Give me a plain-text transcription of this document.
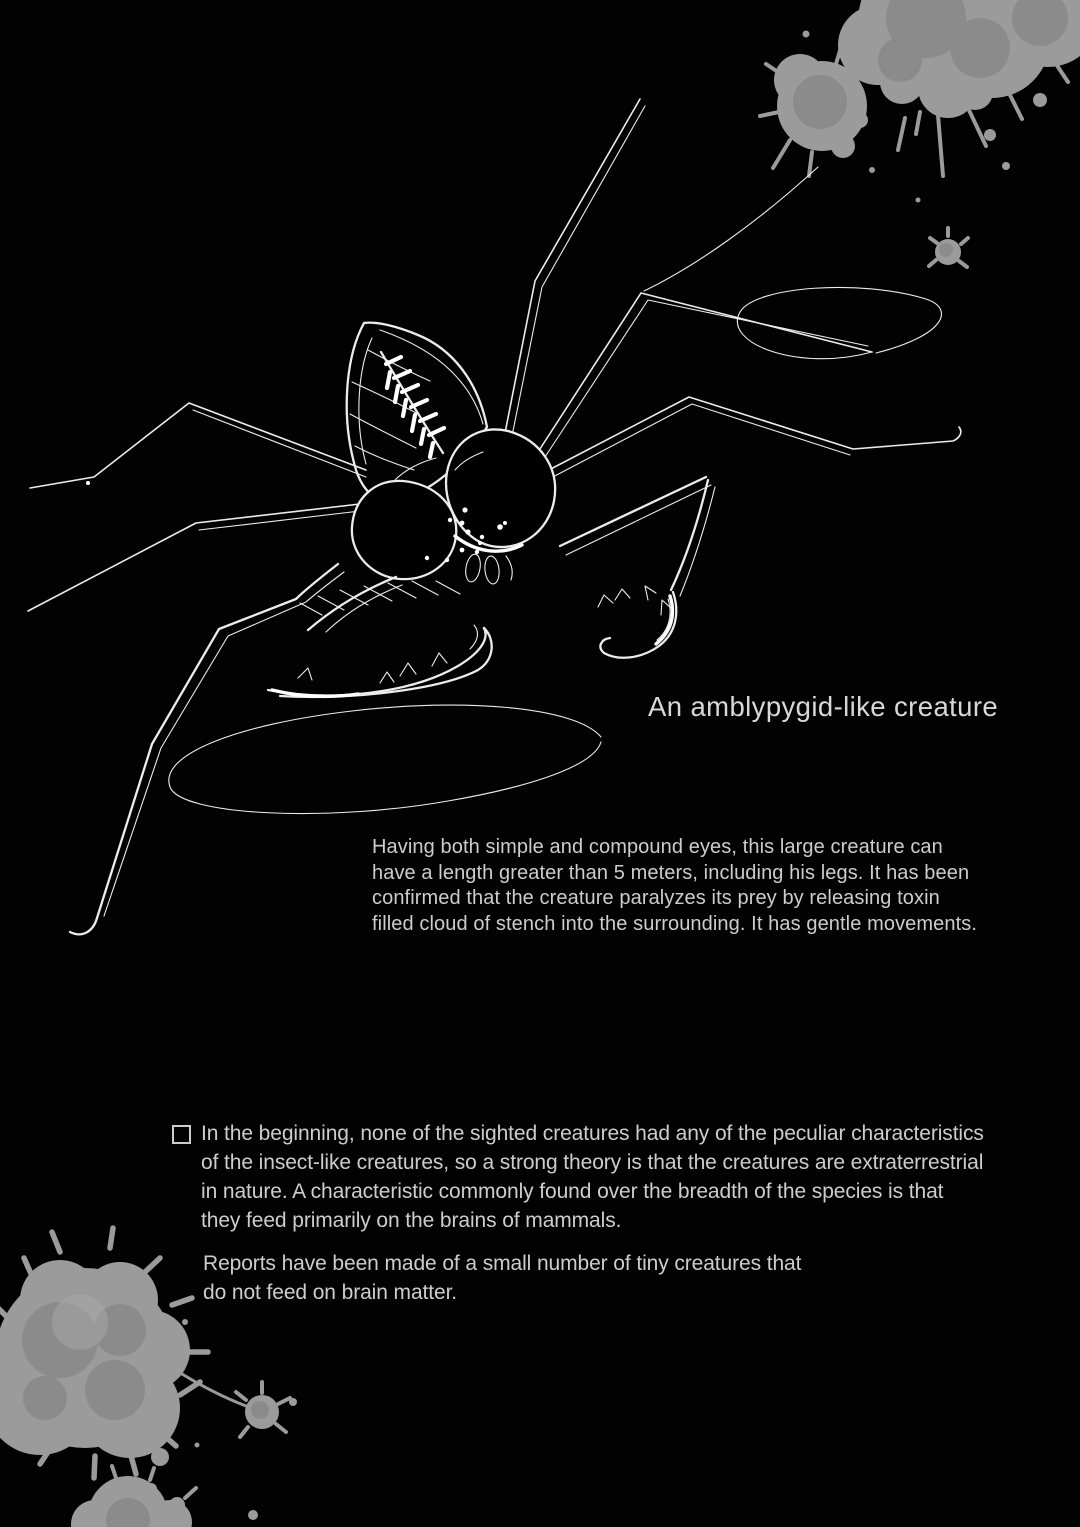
An amblypygid-like creature
Having both simple and compound eyes, this large creature can
have a length greater than 5 meters, including his legs. It has been
confirmed that the creature paralyzes its prey by releasing toxin
filled cloud of stench into the surrounding. It has gentle movements.
In the beginning, none of the sighted creatures had any of the peculiar characteristics
of the insect-like creatures, so a strong theory is that the creatures are extraterrestrial
in nature. A characteristic commonly found over the breadth of the species is that
they feed primarily on the brains of mammals.
Reports have been made of a small number of tiny creatures that
do not feed on brain matter.
